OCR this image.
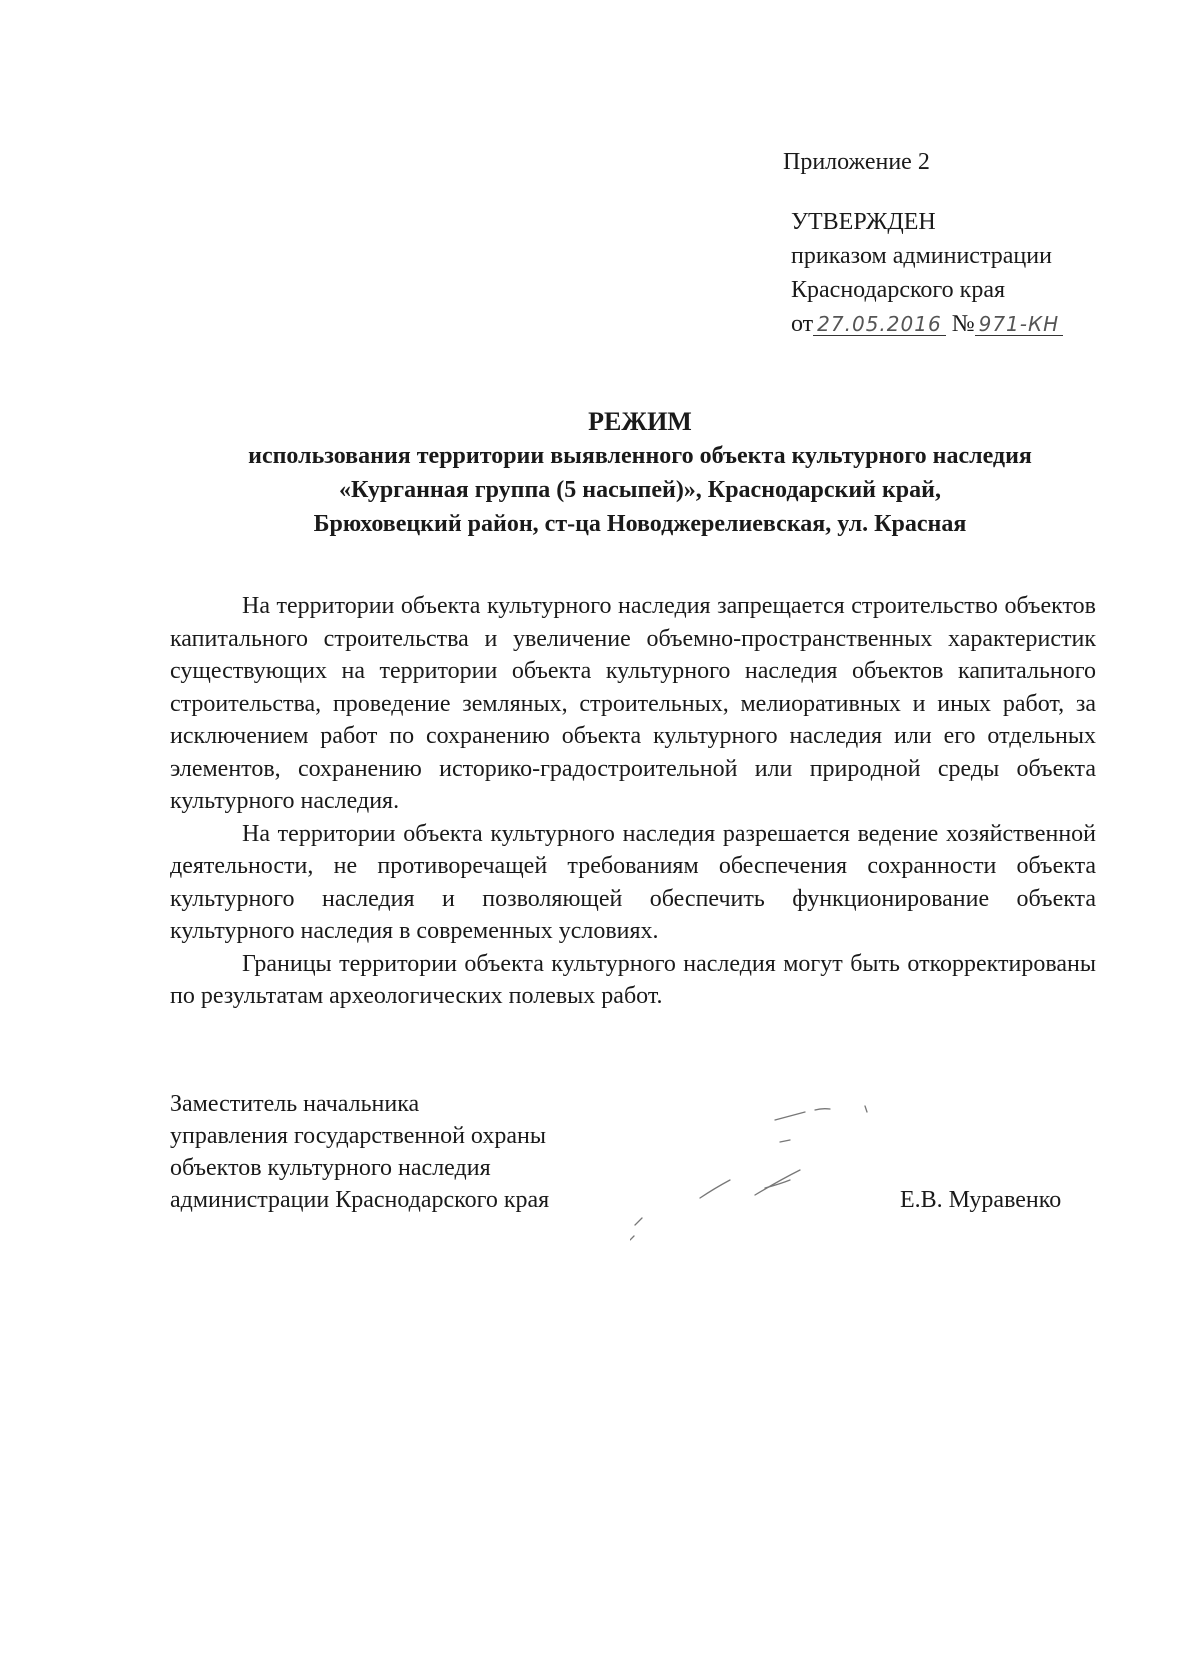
Приложение 2
УТВЕРЖДЕН
приказом администрации
Краснодарского края
от 27.05.2016 № 971-КН
РЕЖИМ
использования территории выявленного объекта культурного наследия
«Курганная группа (5 насыпей)», Краснодарский край,
Брюховецкий район, ст-ца Новоджерелиевская, ул. Красная

На территории объекта культурного наследия запрещается строительство объектов капитального строительства и увеличение объемно-пространственных характеристик существующих на территории объекта культурного наследия объектов капитального строительства, проведение земляных, строительных, мелиоративных и иных работ, за исключением работ по сохранению объекта культурного наследия или его отдельных элементов, сохранению историко-градостроительной или природной среды объекта культурного наследия.

На территории объекта культурного наследия разрешается ведение хозяйственной деятельности, не противоречащей требованиям обеспечения сохранности объекта культурного наследия и позволяющей обеспечить функционирование объекта культурного наследия в современных условиях.

Границы территории объекта культурного наследия могут быть откорректированы по результатам археологических полевых работ.

Заместитель начальника
управления государственной охраны
объектов культурного наследия
администрации Краснодарского края	Е.В. Муравенко
